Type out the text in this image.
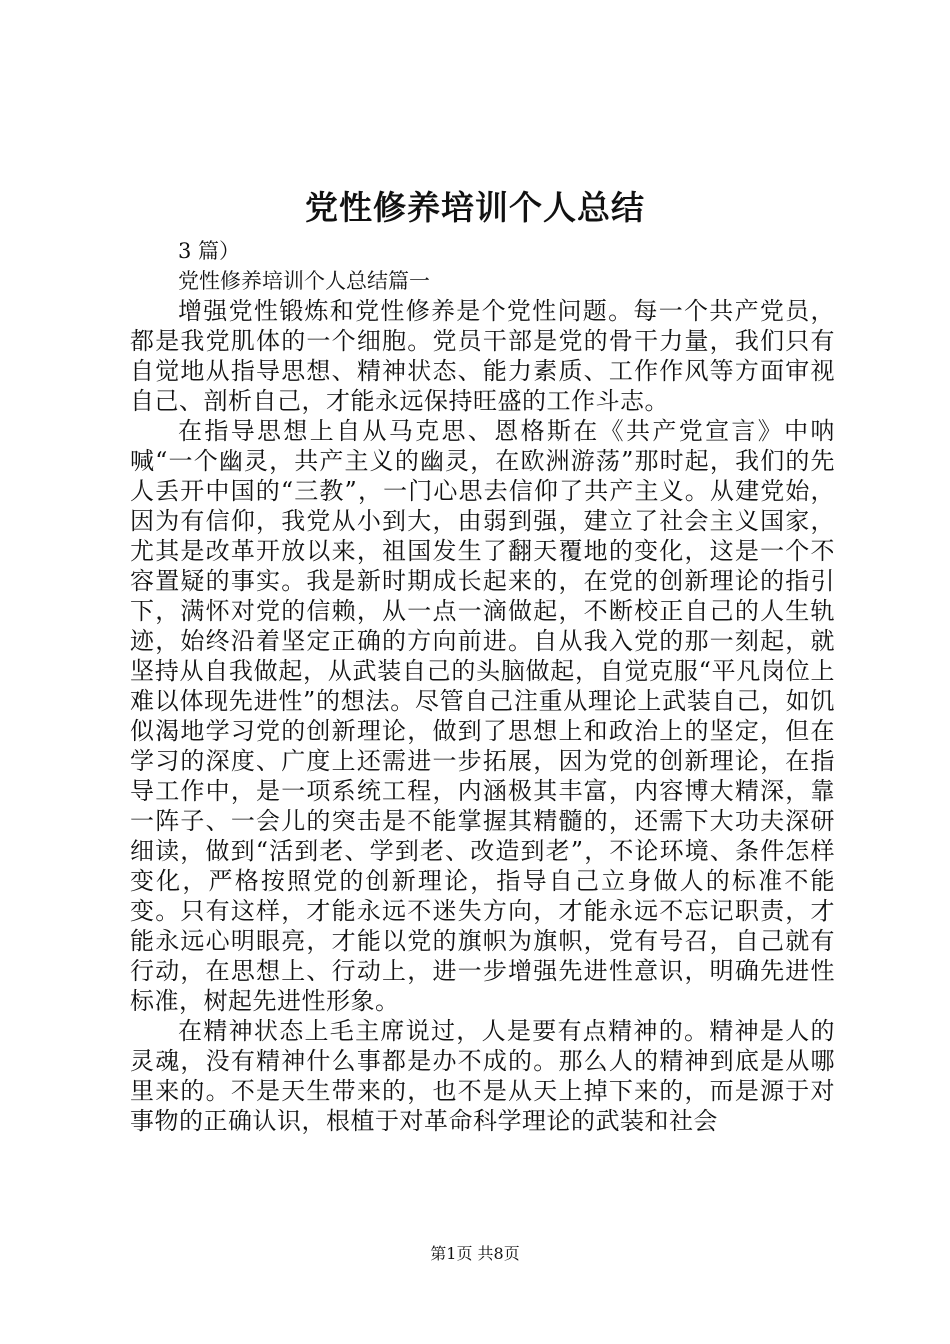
党性修养培训个人总结
3 篇）
党性修养培训个人总结篇一

增强党性锻炼和党性修养是个党性问题。每一个共产党员，都是我党肌体的一个细胞。党员干部是党的骨干力量，我们只有自觉地从指导思想、精神状态、能力素质、工作作风等方面审视自己、剖析自己，才能永远保持旺盛的工作斗志。

在指导思想上自从马克思、恩格斯在《共产党宣言》中呐喊“一个幽灵，共产主义的幽灵，在欧洲游荡”那时起，我们的先人丢开中国的“三教”，一门心思去信仰了共产主义。从建党始，因为有信仰，我党从小到大，由弱到强，建立了社会主义国家，尤其是改革开放以来，祖国发生了翻天覆地的变化，这是一个不容置疑的事实。我是新时期成长起来的，在党的创新理论的指引下，满怀对党的信赖，从一点一滴做起，不断校正自己的人生轨迹，始终沿着坚定正确的方向前进。自从我入党的那一刻起，就坚持从自我做起，从武装自己的头脑做起，自觉克服“平凡岗位上难以体现先进性”的想法。尽管自己注重从理论上武装自己，如饥似渴地学习党的创新理论，做到了思想上和政治上的坚定，但在学习的深度、广度上还需进一步拓展，因为党的创新理论，在指导工作中，是一项系统工程，内涵极其丰富，内容博大精深，靠一阵子、一会儿的突击是不能掌握其精髓的，还需下大功夫深研细读，做到“活到老、学到老、改造到老”，不论环境、条件怎样变化，严格按照党的创新理论，指导自己立身做人的标准不能变。只有这样，才能永远不迷失方向，才能永远不忘记职责，才能永远心明眼亮，才能以党的旗帜为旗帜，党有号召，自己就有行动，在思想上、行动上，进一步增强先进性意识，明确先进性标准，树起先进性形象。

在精神状态上毛主席说过，人是要有点精神的。精神是人的灵魂，没有精神什么事都是办不成的。那么人的精神到底是从哪里来的。不是天生带来的，也不是从天上掉下来的，而是源于对事物的正确认识，根植于对革命科学理论的武装和社会

第1页 共8页
